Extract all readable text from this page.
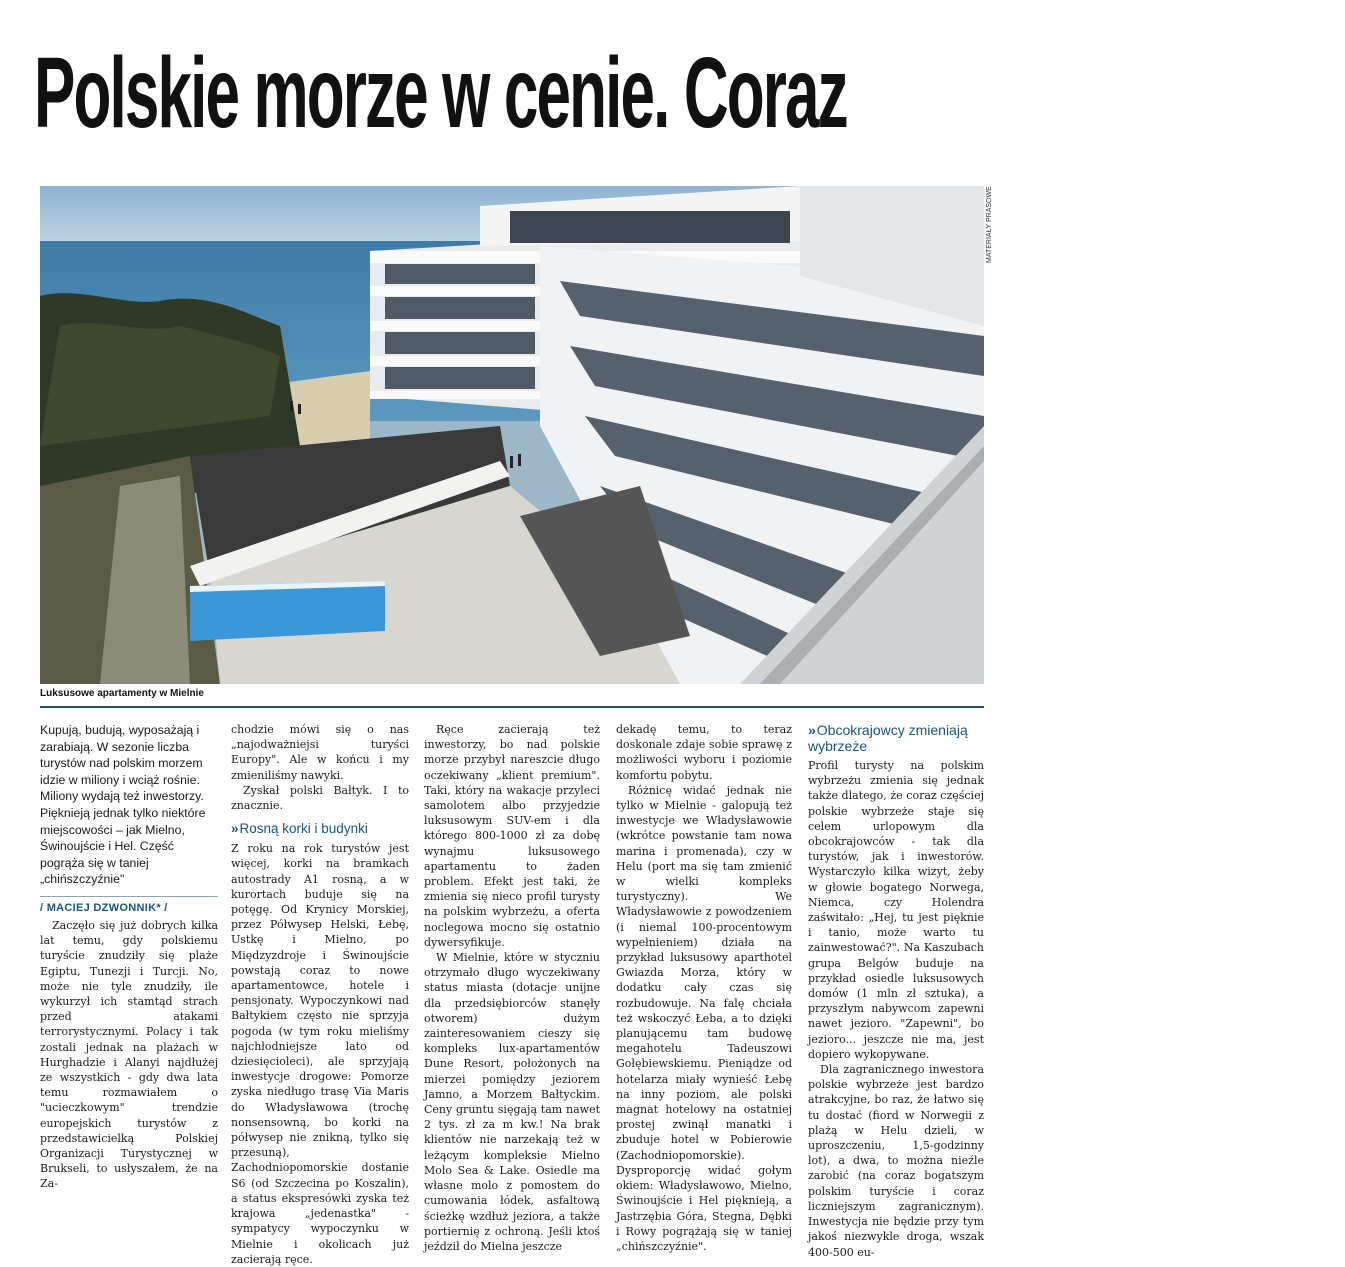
Polskie morze w cenie. Coraz
MATERIAŁY PRASOWE
Luksusowe apartamenty w Mielnie

Kupują, budują, wyposażają i zarabiają. W sezonie liczba turystów nad polskim morzem idzie w miliony i wciąż rośnie. Miliony wydają też inwestorzy. Pięknieją jednak tylko niektóre miejscowości – jak Mielno, Świnoujście i Hel. Część pogrąża się w taniej „chińszczyźnie"

/ MACIEJ DZWONNIK* /

Zaczęło się już dobrych kilka lat temu, gdy polskiemu turyście znudziły się plaże Egiptu, Tunezji i Turcji. No, może nie tyle znudziły, ile wykurzył ich stamtąd strach przed atakami terrorystycznymi. Polacy i tak zostali jednak na plażach w Hurghadzie i Alanyi najdłużej ze wszystkich - gdy dwa lata temu rozmawiałem o "ucieczkowym" trendzie europejskich turystów z przedstawicielką Polskiej Organizacji Turystycznej w Brukseli, to usłyszałem, że na Za-

chodzie mówi się o nas „najodważniejsi turyści Europy". Ale w końcu i my zmieniliśmy nawyki.

Zyskał polski Bałtyk. I to znacznie.

» Rosną korki i budynki

Z roku na rok turystów jest więcej, korki na bramkach autostrady A1 rosną, a w kurortach buduje się na potęgę. Od Krynicy Morskiej, przez Półwysep Helski, Łebę, Ustkę i Mielno, po Międzyzdroje i Świnoujście powstają coraz to nowe apartamentowce, hotele i pensjonaty. Wypoczynkowi nad Bałtykiem często nie sprzyja pogoda (w tym roku mieliśmy najchłodniejsze lato od dziesięcioleci), ale sprzyjają inwestycje drogowe: Pomorze zyska niedługo trasę Via Maris do Władysławowa (trochę nonsensowną, bo korki na półwysep nie znikną, tylko się przesuną), Zachodniopomorskie dostanie S6 (od Szczecina po Koszalin), a status ekspresówki zyska też krajowa „jedenastka" - sympatycy wypoczynku w Mielnie i okolicach już zacierają ręce.

Ręce zacierają też inwestorzy, bo nad polskie morze przybył nareszcie długo oczekiwany „klient premium". Taki, który na wakacje przyleci samolotem albo przyjedzie luksusowym SUV-em i dla którego 800-1000 zł za dobę wynajmu luksusowego apartamentu to żaden problem. Efekt jest taki, że zmienia się nieco profil turysty na polskim wybrzeżu, a oferta noclegowa mocno się ostatnio dywersyfikuje.

W Mielnie, które w styczniu otrzymało długo wyczekiwany status miasta (dotacje unijne dla przedsiębiorców stanęły otworem) dużym zainteresowaniem cieszy się kompleks lux-apartamentów Dune Resort, położonych na mierzei pomiędzy jeziorem Jamno, a Morzem Bałtyckim. Ceny gruntu sięgają tam nawet 2 tys. zł za m kw.! Na brak klientów nie narzekają też w leżącym kompleksie Mielno Molo Sea & Lake. Osiedle ma własne molo z pomostem do cumowania łódek, asfaltową ścieżkę wzdłuż jeziora, a także portiernię z ochroną. Jeśli ktoś jeździł do Mielna jeszcze

dekadę temu, to teraz doskonale zdaje sobie sprawę z możliwości wyboru i poziomie komfortu pobytu.

Różnicę widać jednak nie tylko w Mielnie - galopują też inwestycje we Władysławowie (wkrótce powstanie tam nowa marina i promenada), czy w Helu (port ma się tam zmienić w wielki kompleks turystyczny). We Władysławowie z powodzeniem (i niemal 100-procentowym wypełnieniem) działa na przykład luksusowy aparthotel Gwiazda Morza, który w dodatku cały czas się rozbudowuje. Na falę chciała też wskoczyć Łeba, a to dzięki planującemu tam budowę megahotelu Tadeuszowi Gołębiewskiemu. Pieniądze od hotelarza miały wynieść Łebę na inny poziom, ale polski magnat hotelowy na ostatniej prostej zwinął manatki i zbuduje hotel w Pobierowie (Zachodniopomorskie). Dysproporcję widać gołym okiem: Władysławowo, Mielno, Świnoujście i Hel pięknieją, a Jastrzębia Góra, Stegna, Dębki i Rowy pogrążają się w taniej „chińszczyźnie".

» Obcokrajowcy zmieniają wybrzeże

Profil turysty na polskim wybrzeżu zmienia się jednak także dlatego, że coraz częściej polskie wybrzeże staje się celem urlopowym dla obcokrajowców - tak dla turystów, jak i inwestorów. Wystarczyło kilka wizyt, żeby w głowie bogatego Norwega, Niemca, czy Holendra zaświtało: „Hej, tu jest pięknie i tanio, może warto tu zainwestować?". Na Kaszubach grupa Belgów buduje na przykład osiedle luksusowych domów (1 mln zł sztuka), a przyszłym nabywcom zapewni nawet jezioro. "Zapewni", bo jezioro... jeszcze nie ma, jest dopiero wykopywane.

Dla zagranicznego inwestora polskie wybrzeże jest bardzo atrakcyjne, bo raz, że łatwo się tu dostać (fiord w Norwegii z plażą w Helu dzieli, w uproszczeniu, 1,5-godzinny lot), a dwa, to można nieźle zarobić (na coraz bogatszym polskim turyście i coraz liczniejszym zagranicznym). Inwestycja nie będzie przy tym jakoś niezwykle droga, wszak 400-500 eu-
